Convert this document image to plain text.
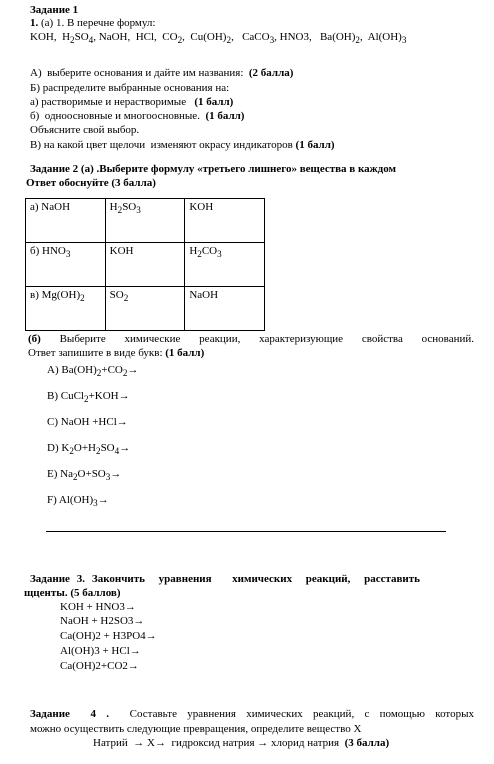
Задание 1
1. (а) 1. В перечне формул:
KOH,  $H_2SO_4$, NaOH,  HCl,  $CO_2$,  $Cu(OH)_2$,   CaCO$_3$, HNO3,   $Ba(OH)_2$,  $Al(OH)_3$
А)  выберите основания и дайте им названия:  (2 балла)
Б) распределите выбранные основания на:
а) растворимые и нерастворимые   (1 балл)
б)  одноосновные и многоосновные.  (1 балл)
Объясните свой выбор.
В) на какой цвет щелочи  изменяют окрасу индикаторов (1 балл)
Задание 2 (а) .Выберите формулу «третьего лишнего» вещества в каждом
Ответ обоснуйте (3 балла)
а) NaOH	$H_2SO_3$	KOH
б) $HNO_3$	KOH	$H_2CO_3$
в) $Mg(OH)_2$	$SO_2$	NaOH
(б)  Выберите  химические  реакции,  характеризующие  свойства  оснований.
Ответ запишите в виде букв: (1 балл)
A) $Ba(OH)_2+CO_2\to$
B) CuCl$_2$+KOH→
C) NaOH +HCl→
D) $K_2O+H_2SO_4\to$
E) $Na_2O+SO_3\to$
F) $Al(OH)_3\to$
Задание 3. Закончить  уравнения   химических  реакций,  расставить
щценты. (5 баллов)
KOH + HNO3→
NaOH + H2SO3→
Ca(OH)2 + H3PO4→
Al(OH)3 + HCl→
Ca(OH)2+CO2→
Задание  4 .  Составьте уравнения химических реакций, с помощью которых
можно осуществить следующие превращения, определите вещество X
Натрий  → X→  гидроксид натрия → хлорид натрия  (3 балла)
